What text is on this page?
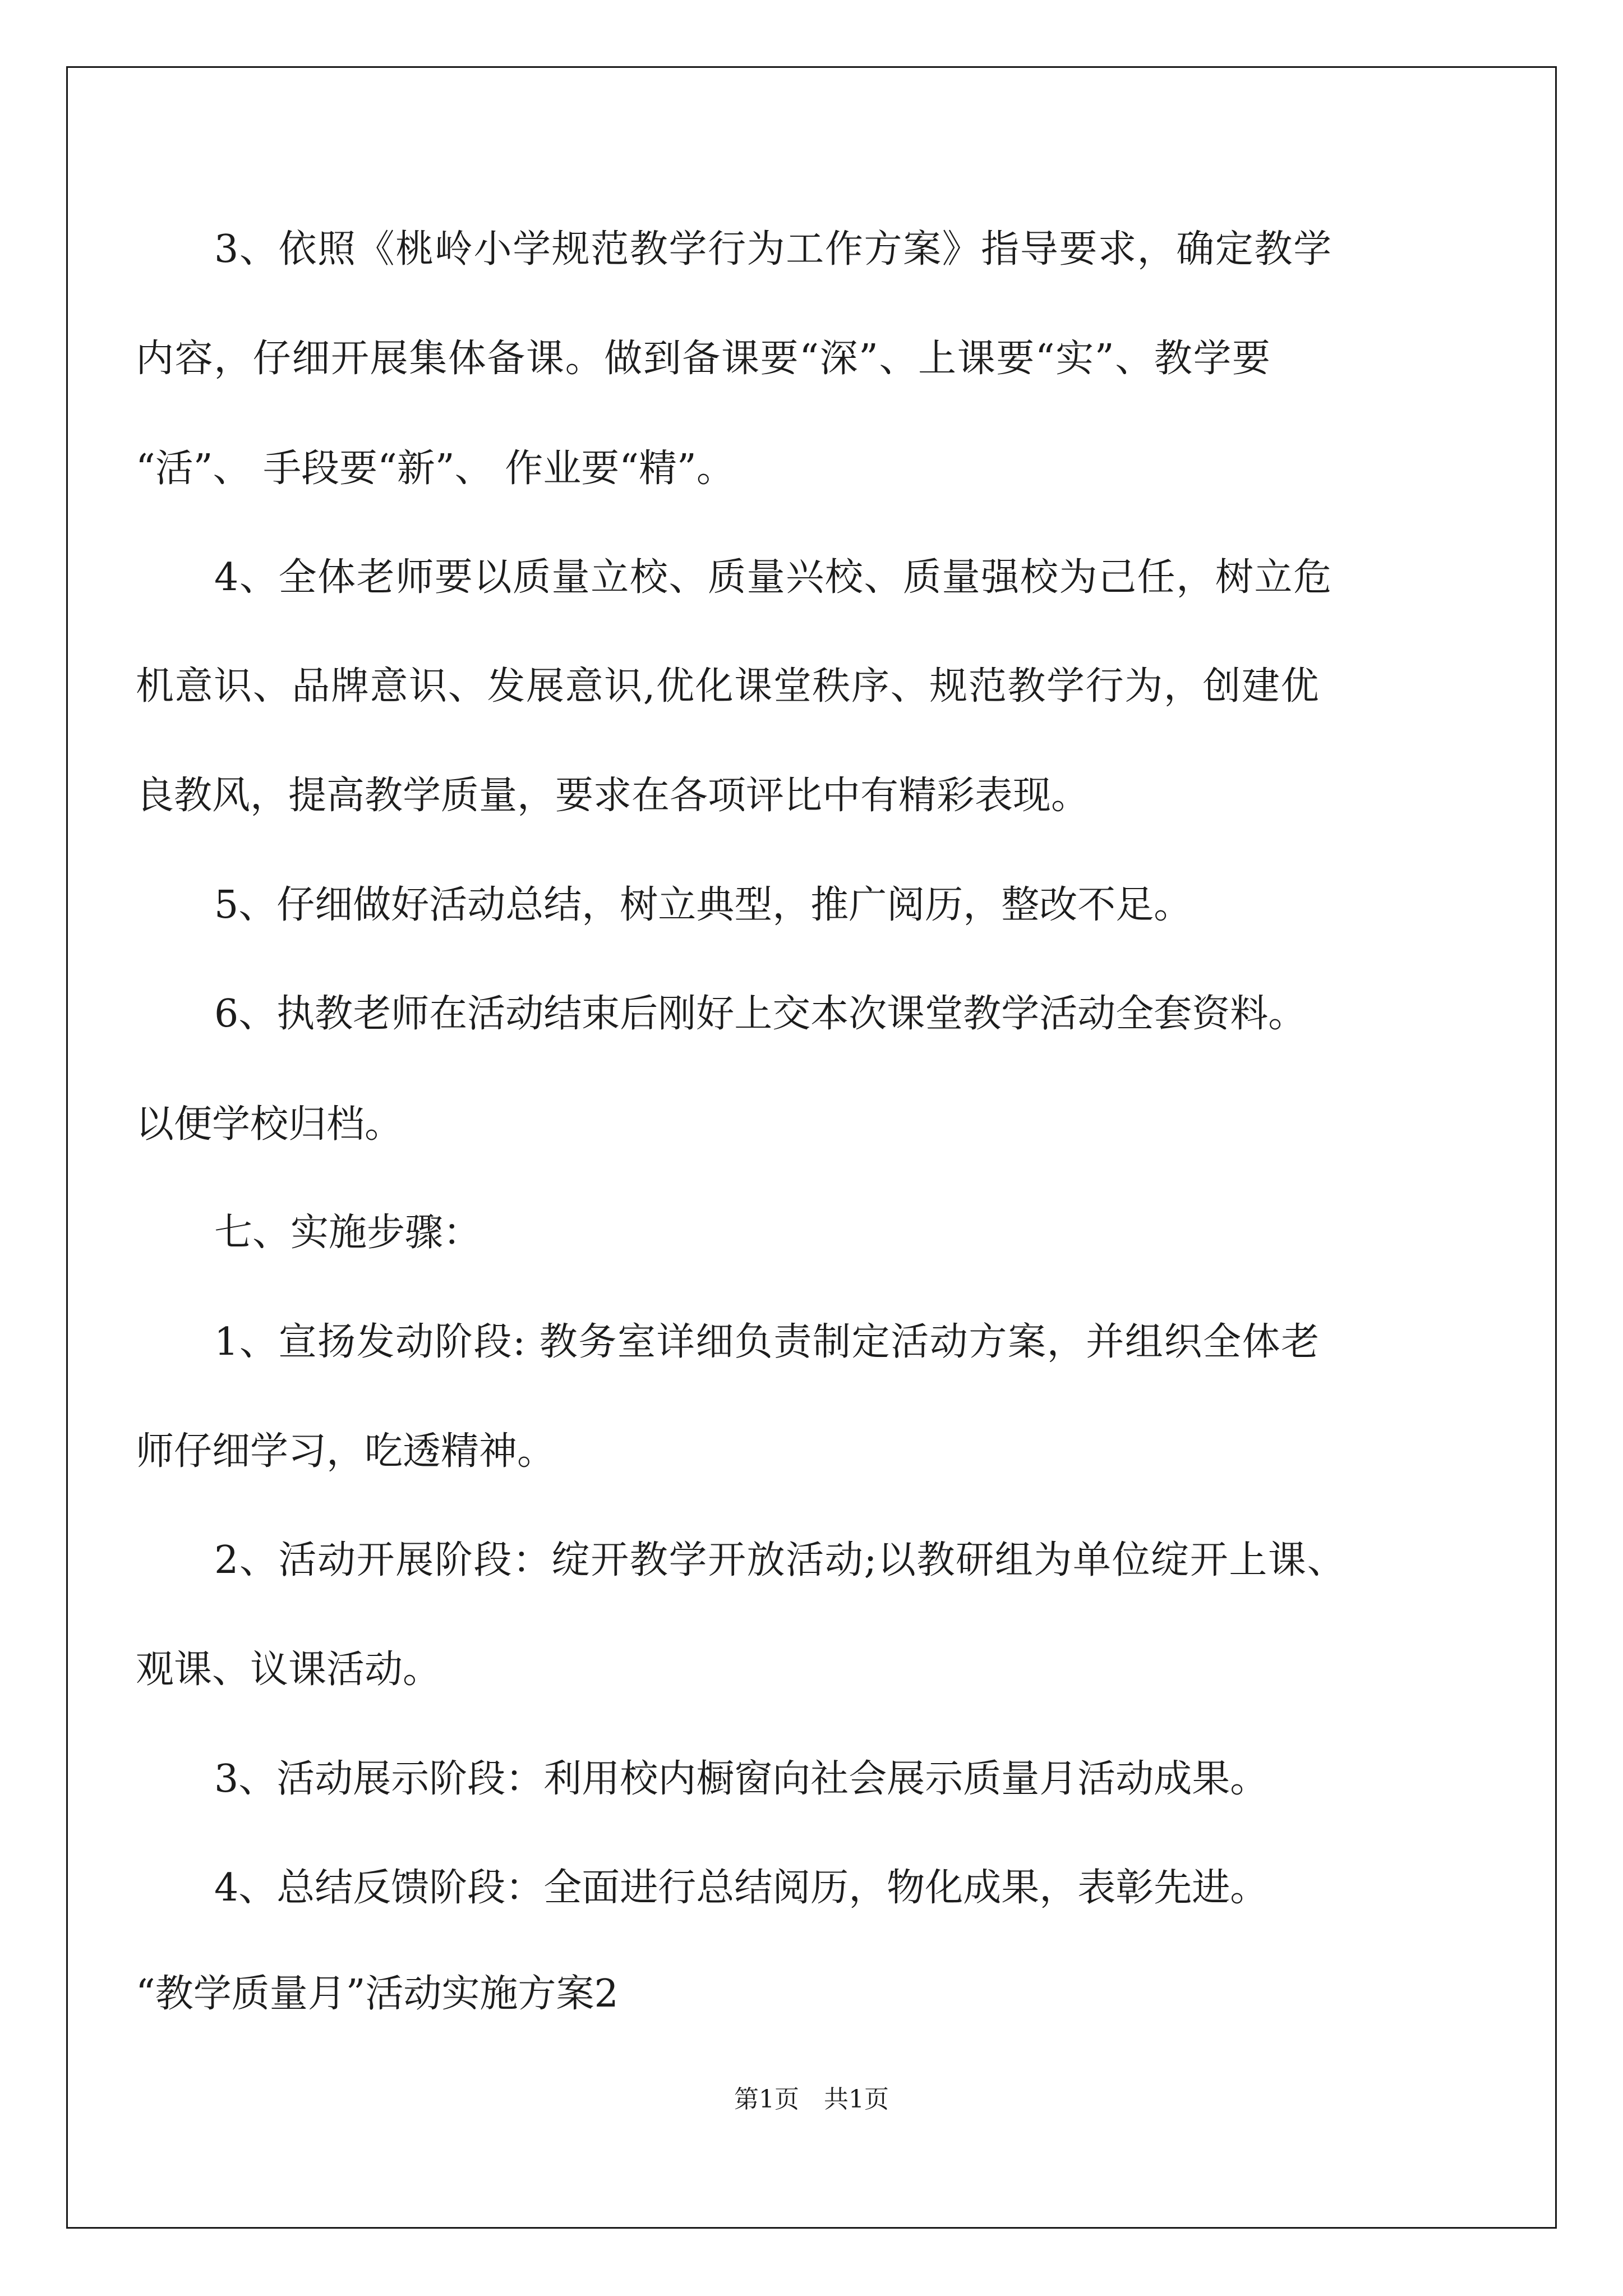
3、依照《桃岭小学规范教学行为工作方案》指导要求，确定教学

内容，仔细开展集体备课。做到备课要“深”、上课要“实”、教学要

“活”、 手段要“新”、 作业要“精”。

4、全体老师要以质量立校、质量兴校、质量强校为己任，树立危

机意识、品牌意识、发展意识,优化课堂秩序、规范教学行为，创建优

良教风，提高教学质量，要求在各项评比中有精彩表现。

5、仔细做好活动总结，树立典型，推广阅历，整改不足。

6、执教老师在活动结束后刚好上交本次课堂教学活动全套资料。

以便学校归档。

七、实施步骤：

1、宣扬发动阶段: 教务室详细负责制定活动方案，并组织全体老

师仔细学习，吃透精神。

2、活动开展阶段：绽开教学开放活动;以教研组为单位绽开上课、

观课、议课活动。

3、活动展示阶段：利用校内橱窗向社会展示质量月活动成果。

4、总结反馈阶段：全面进行总结阅历，物化成果，表彰先进。

“教学质量月”活动实施方案2

第1页　共1页
